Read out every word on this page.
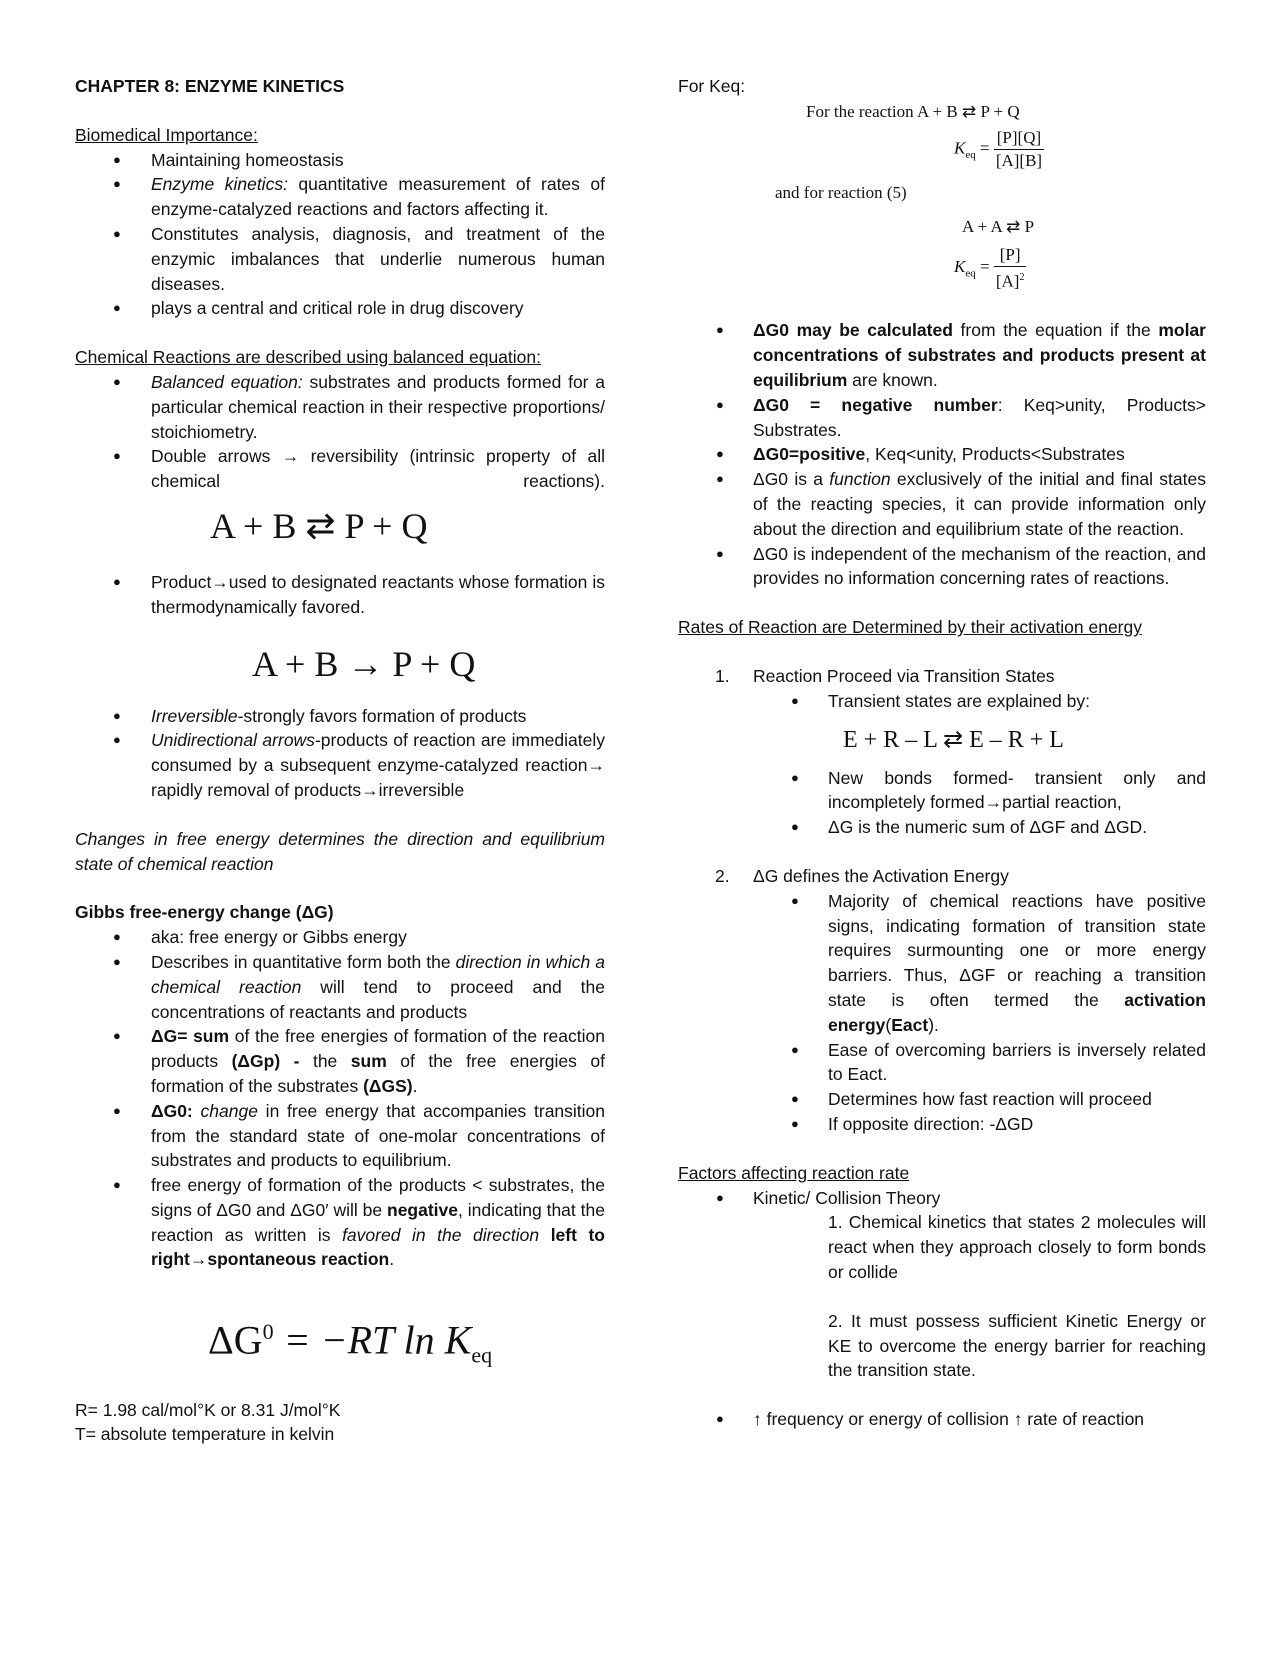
CHAPTER 8: ENZYME KINETICS
Biomedical Importance:
● Maintaining homeostasis
● Enzyme kinetics: quantitative measurement of rates of enzyme-catalyzed reactions and factors affecting it.
● Constitutes analysis, diagnosis, and treatment of the enzymic imbalances that underlie numerous human diseases.
● plays a central and critical role in drug discovery
Chemical Reactions are described using balanced equation:
● Balanced equation: substrates and products formed for a particular chemical reaction in their respective proportions/ stoichiometry.
● Double arrows → reversibility (intrinsic property of all chemical	reactions).
A + B ⇄ P + Q
● Product→used to designated reactants whose formation is thermodynamically favored.
A + B → P + Q
● Irreversible-strongly favors formation of products
● Unidirectional arrows-products of reaction are immediately consumed by a subsequent enzyme-catalyzed reaction→ rapidly removal of products→irreversible
Changes in free energy determines the direction and equilibrium state of chemical reaction
Gibbs free-energy change (ΔG)
● aka: free energy or Gibbs energy
● Describes in quantitative form both the direction in which a chemical reaction will tend to proceed and the concentrations of reactants and products
● ΔG= sum of the free energies of formation of the reaction products (ΔGp) - the sum of the free energies of formation of the substrates (ΔGS).
● ΔG0: change in free energy that accompanies transition from the standard state of one-molar concentrations of substrates and products to equilibrium.
● free energy of formation of the products < substrates, the signs of ΔG0 and ΔG0′ will be negative, indicating that the reaction as written is favored in the direction left to right→spontaneous reaction.
$\Delta G^0 = -RT$ $\ln K_{eq}$
R= 1.98 cal/mol°K or 8.31 J/mol°K
T= absolute temperature in kelvin
For Keq:
For the reaction A + B ⇄ P + Q
$K_{eq} = \frac{[P][Q]}{[A][B]}$
and for reaction (5)
A + A ⇄ P
$K_{eq} = \frac{[P]}{[A]^2}$
● ΔG0 may be calculated from the equation if the molar concentrations of substrates and products present at equilibrium are known.
● ΔG0 = negative number: Keq>unity, Products> Substrates.
● ΔG0=positive, Keq<unity, Products<Substrates
● ΔG0 is a function exclusively of the initial and final states of the reacting species, it can provide information only about the direction and equilibrium state of the reaction.
● ΔG0 is independent of the mechanism of the reaction, and provides no information concerning rates of reactions.
Rates of Reaction are Determined by their activation energy
1. Reaction Proceed via Transition States
● Transient states are explained by:
E + R – L ⇄ E – R + L
● New bonds formed- transient only and incompletely formed→partial reaction,
● ΔG is the numeric sum of ΔGF and ΔGD.
2. ΔG defines the Activation Energy
● Majority of chemical reactions have positive signs, indicating formation of transition state requires surmounting one or more energy barriers. Thus, ΔGF or reaching a transition state is often termed the activation energy(Eact).
● Ease of overcoming barriers is inversely related to Eact.
● Determines how fast reaction will proceed
● If opposite direction: -ΔGD
Factors affecting reaction rate
● Kinetic/ Collision Theory
1. Chemical kinetics that states 2 molecules will react when they approach closely to form bonds or collide
2. It must possess sufficient Kinetic Energy or KE to overcome the energy barrier for reaching the transition state.
● ↑ frequency or energy of collision ↑ rate of reaction
